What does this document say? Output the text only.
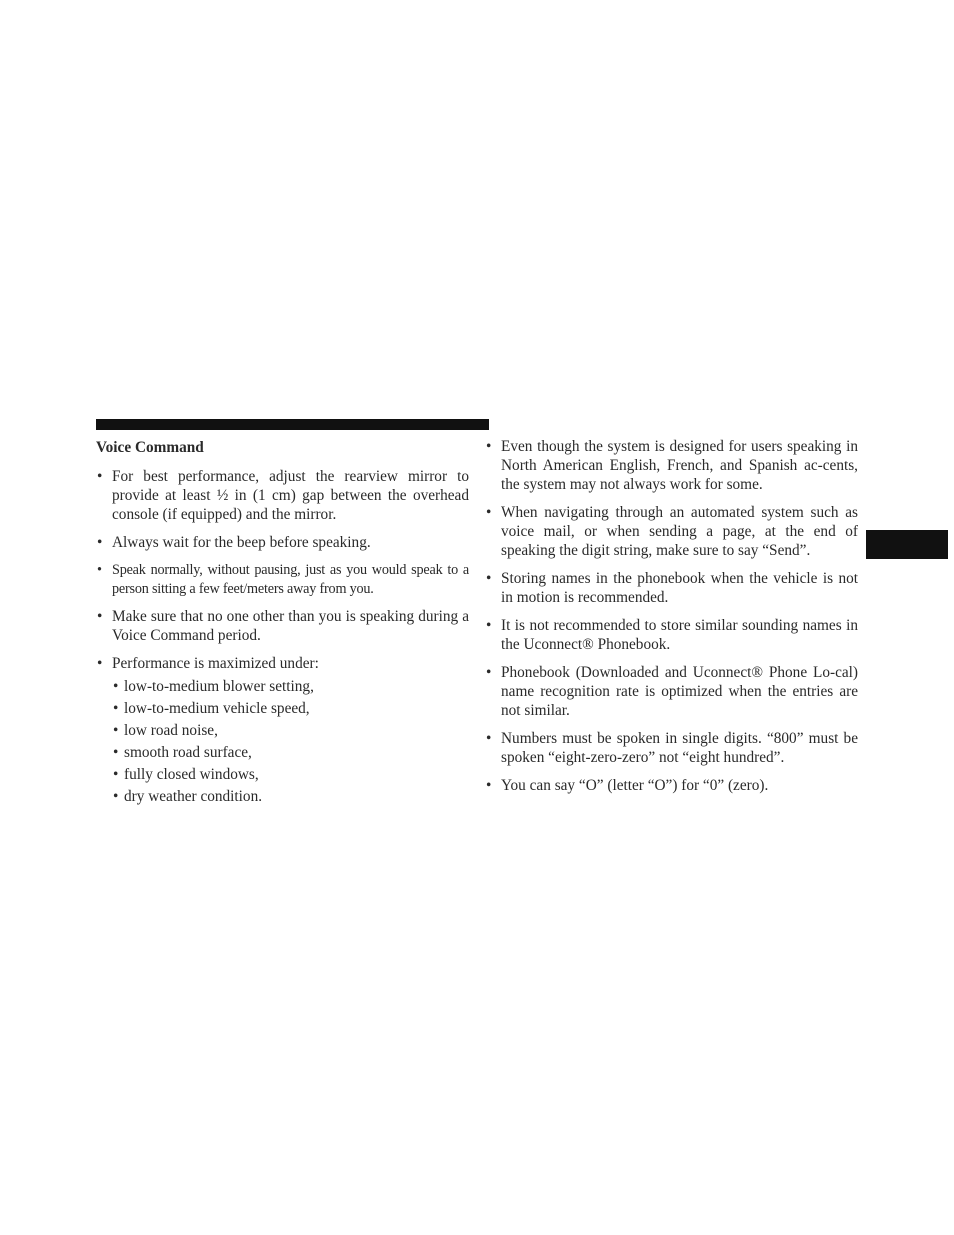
Voice Command
• For best performance, adjust the rearview mirror to provide at least ½ in (1 cm) gap between the overhead console (if equipped) and the mirror.
• Always wait for the beep before speaking.
• Speak normally, without pausing, just as you would speak to a person sitting a few feet/meters away from you.
• Make sure that no one other than you is speaking during a Voice Command period.
• Performance is maximized under:
• low-to-medium blower setting,
• low-to-medium vehicle speed,
• low road noise,
• smooth road surface,
• fully closed windows,
• dry weather condition.
• Even though the system is designed for users speaking in North American English, French, and Spanish ac-cents, the system may not always work for some.
• When navigating through an automated system such as voice mail, or when sending a page, at the end of speaking the digit string, make sure to say “Send”.
• Storing names in the phonebook when the vehicle is not in motion is recommended.
• It is not recommended to store similar sounding names in the Uconnect® Phonebook.
• Phonebook (Downloaded and Uconnect® Phone Lo-cal) name recognition rate is optimized when the entries are not similar.
• Numbers must be spoken in single digits. “800” must be spoken “eight-zero-zero” not “eight hundred”.
• You can say “O” (letter “O”) for “0” (zero).
